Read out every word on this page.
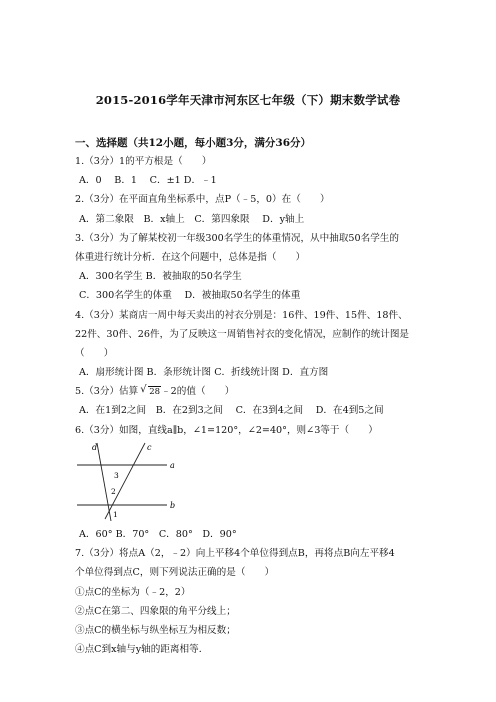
2015-2016学年天津市河东区七年级（下）期末数学试卷
一、选择题（共12小题，每小题3分，满分36分）
1.（3分）1的平方根是（　　）
A．0　 B．1　 C．±1 D．﹣1
2.（3分）在平面直角坐标系中，点P（﹣5，0）在（　　）
A．第二象限　B．x轴上　C．第四象限　 D．y轴上
3.（3分）为了解某校初一年级300名学生的体重情况，从中抽取50名学生的
体重进行统计分析．在这个问题中，总体是指（　　）
A．300名学生 B．被抽取的50名学生
C．300名学生的体重　 D．被抽取50名学生的体重
4.（3分）某商店一周中每天卖出的衬衣分别是：16件、19件、15件、18件、
22件、30件、26件，为了反映这一周销售衬衣的变化情况，应制作的统计图是
（　　）
A．扇形统计图 B．条形统计图 C．折线统计图 D．直方图
5.（3分）估算 √ 28﹣2的值（　　）
A．在1到2之间　B．在2到3之间　 C．在3到4之间　 D．在4到5之间
6.（3分）如图，直线a∥b，∠1=120°，∠2=40°，则∠3等于（　　）
d	c
a
b
3
2
1
A．60° B．70°　C．80°　D．90°
7.（3分）将点A（2，﹣2）向上平移4个单位得到点B，再将点B向左平移4
个单位得到点C，则下列说法正确的是（　　）
①点C的坐标为（﹣2，2）
②点C在第二、四象限的角平分线上；
③点C的横坐标与纵坐标互为相反数；
④点C到x轴与y轴的距离相等．
